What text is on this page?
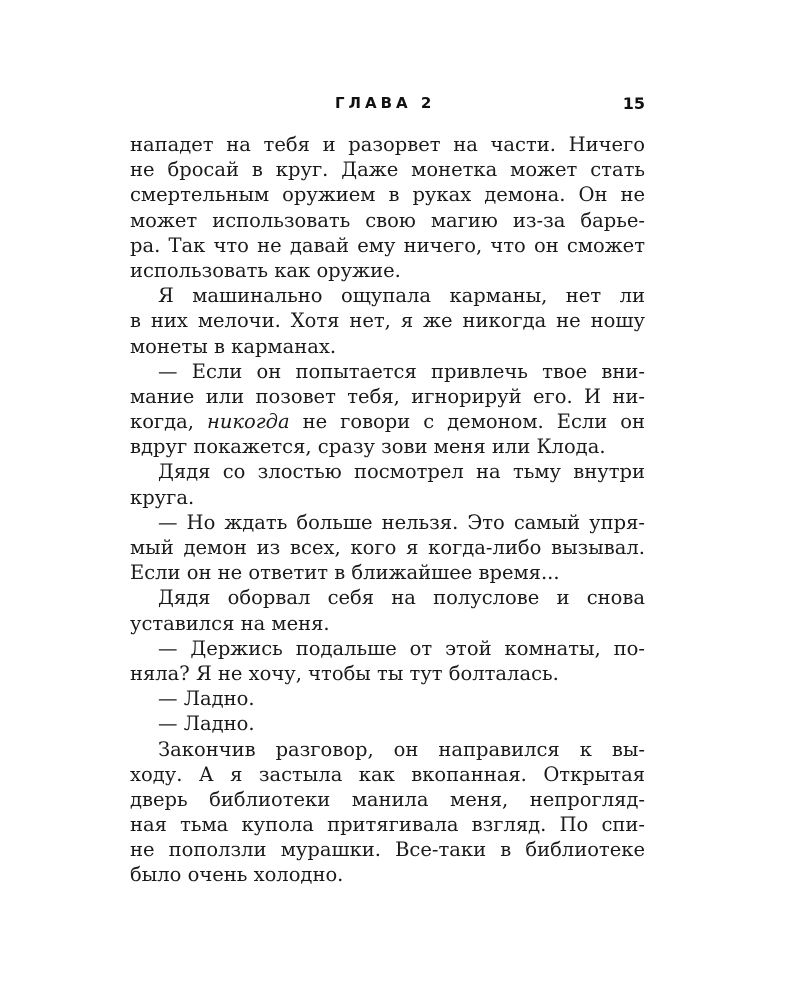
ГЛАВА 2	15
нападет на тебя и разорвет на части. Ничего
не бросай в круг. Даже монетка может стать
смертельным оружием в руках демона. Он не
может использовать свою магию из-за барье-
ра. Так что не давай ему ничего, что он сможет
использовать как оружие.
Я машинально ощупала карманы, нет ли
в них мелочи. Хотя нет, я же никогда не ношу
монеты в карманах.
— Если он попытается привлечь твое вни-
мание или позовет тебя, игнорируй его. И ни-
когда, никогда не говори с демоном. Если он
вдруг покажется, сразу зови меня или Клода.
Дядя со злостью посмотрел на тьму внутри
круга.
— Но ждать больше нельзя. Это самый упря-
мый демон из всех, кого я когда-либо вызывал.
Если он не ответит в ближайшее время...
Дядя оборвал себя на полуслове и снова
уставился на меня.
— Держись подальше от этой комнаты, по-
няла? Я не хочу, чтобы ты тут болталась.
— Ладно.
— Ладно.
Закончив разговор, он направился к вы-
ходу. А я застыла как вкопанная. Открытая
дверь библиотеки манила меня, непрогляд-
ная тьма купола притягивала взгляд. По спи-
не поползли мурашки. Все-таки в библиотеке
было очень холодно.
